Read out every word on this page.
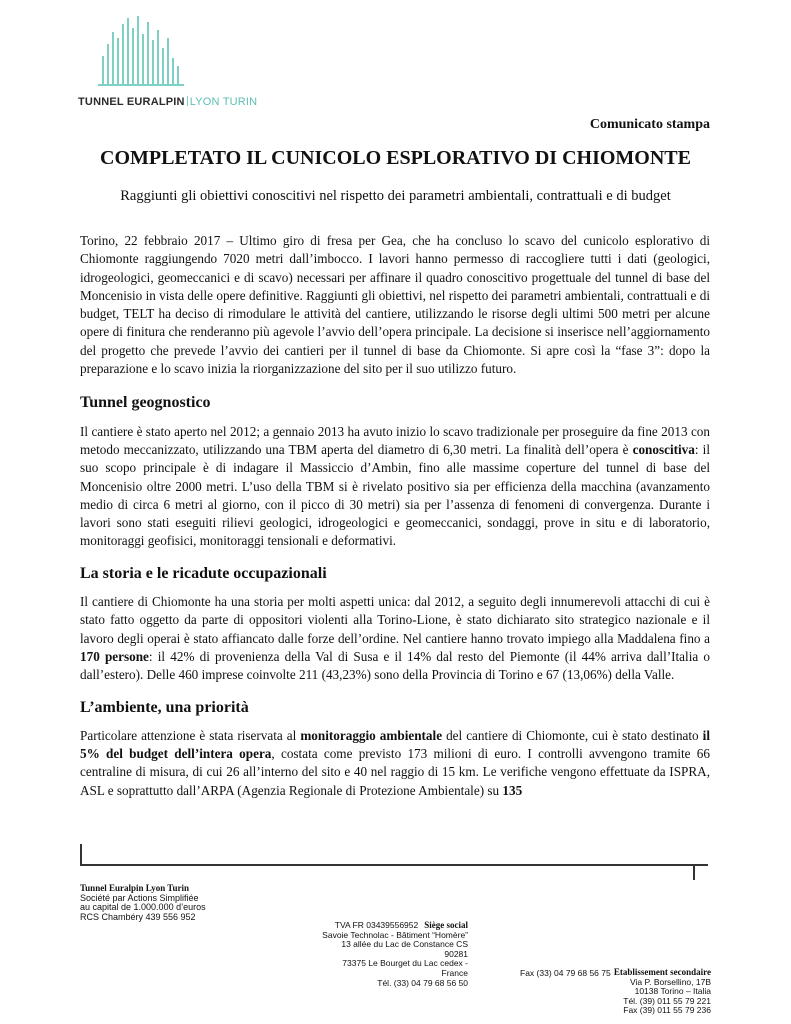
TUNNEL EURALPIN LYON TURIN
Comunicato stampa
COMPLETATO IL CUNICOLO ESPLORATIVO DI CHIOMONTE
Raggiunti gli obiettivi conoscitivi nel rispetto dei parametri ambientali, contrattuali e di budget

Torino, 22 febbraio 2017 – Ultimo giro di fresa per Gea, che ha concluso lo scavo del cunicolo esplorativo di Chiomonte raggiungendo 7020 metri dall’imbocco. I lavori hanno permesso di raccogliere tutti i dati (geologici, idrogeologici, geomeccanici e di scavo) necessari per affinare il quadro conoscitivo progettuale del tunnel di base del Moncenisio in vista delle opere definitive. Raggiunti gli obiettivi, nel rispetto dei parametri ambientali, contrattuali e di budget, TELT ha deciso di rimodulare le attività del cantiere, utilizzando le risorse degli ultimi 500 metri per alcune opere di finitura che renderanno più agevole l’avvio dell’opera principale. La decisione si inserisce nell’aggiornamento del progetto che prevede l’avvio dei cantieri per il tunnel di base da Chiomonte. Si apre così la “fase 3”: dopo la preparazione e lo scavo inizia la riorganizzazione del sito per il suo utilizzo futuro.

Tunnel geognostico

Il cantiere è stato aperto nel 2012; a gennaio 2013 ha avuto inizio lo scavo tradizionale per proseguire da fine 2013 con metodo meccanizzato, utilizzando una TBM aperta del diametro di 6,30 metri. La finalità dell’opera è conoscitiva: il suo scopo principale è di indagare il Massiccio d’Ambin, fino alle massime coperture del tunnel di base del Moncenisio oltre 2000 metri. L’uso della TBM si è rivelato positivo sia per efficienza della macchina (avanzamento medio di circa 6 metri al giorno, con il picco di 30 metri) sia per l’assenza di fenomeni di convergenza. Durante i lavori sono stati eseguiti rilievi geologici, idrogeologici e geomeccanici, sondaggi, prove in situ e di laboratorio, monitoraggi geofisici, monitoraggi tensionali e deformativi.

La storia e le ricadute occupazionali

Il cantiere di Chiomonte ha una storia per molti aspetti unica: dal 2012, a seguito degli innumerevoli attacchi di cui è stato fatto oggetto da parte di oppositori violenti alla Torino-Lione, è stato dichiarato sito strategico nazionale e il lavoro degli operai è stato affiancato dalle forze dell’ordine. Nel cantiere hanno trovato impiego alla Maddalena fino a 170 persone: il 42% di provenienza della Val di Susa e il 14% dal resto del Piemonte (il 44% arriva dall’Italia o dall’estero). Delle 460 imprese coinvolte 211 (43,23%) sono della Provincia di Torino e 67 (13,06%) della Valle.

L’ambiente, una priorità

Particolare attenzione è stata riservata al monitoraggio ambientale del cantiere di Chiomonte, cui è stato destinato il 5% del budget dell’intera opera, costata come previsto 173 milioni di euro. I controlli avvengono tramite 66 centraline di misura, di cui 26 all’interno del sito e 40 nel raggio di 15 km. Le verifiche vengono effettuate da ISPRA, ASL e soprattutto dall’ARPA (Agenzia Regionale di Protezione Ambientale) su 135

Tunnel Euralpin Lyon Turin
Société par Actions Simplifiée
au capital de 1.000.000 d’euros
RCS Chambéry 439 556 952
TVA FR 03439556952 Siège social
Savoie Technolac - Bâtiment “Homère”
13 allée du Lac de Constance CS 90281
73375 Le Bourget du Lac cedex - France
Tél. (33) 04 79 68 56 50
Fax (33) 04 79 68 56 75 Etablissement secondaire
Via P. Borsellino, 17B
10138 Torino – Italia
Tél. (39) 011 55 79 221
Fax (39) 011 55 79 236
